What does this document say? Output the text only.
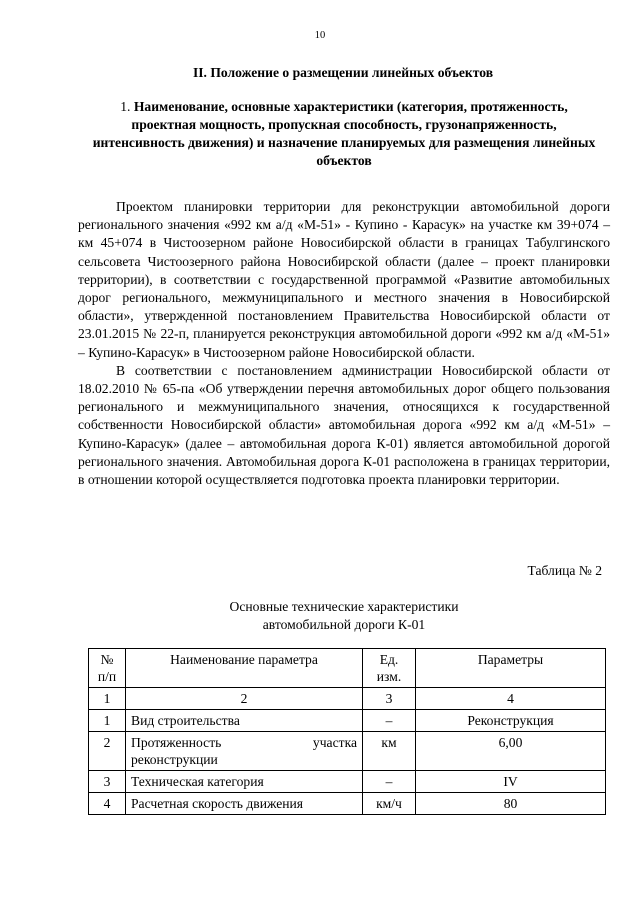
10
II. Положение о размещении линейных объектов
1. Наименование, основные характеристики (категория, протяженность, проектная мощность, пропускная способность, грузонапряженность, интенсивность движения) и назначение планируемых для размещения линейных объектов

Проектом планировки территории для реконструкции автомобильной дороги регионального значения «992 км а/д «М-51» - Купино - Карасук» на участке км 39+074 – км 45+074 в Чистоозерном районе Новосибирской области в границах Табулгинского сельсовета Чистоозерного района Новосибирской области (далее – проект планировки территории), в соответствии с государственной программой «Развитие автомобильных дорог регионального, межмуниципального и местного значения в Новосибирской области», утвержденной постановлением Правительства Новосибирской области от 23.01.2015 № 22-п, планируется реконструкция автомобильной дороги «992 км а/д «М-51» – Купино-Карасук» в Чистоозерном районе Новосибирской области.

В соответствии с постановлением администрации Новосибирской области от 18.02.2010 № 65-па «Об утверждении перечня автомобильных дорог общего пользования регионального и межмуниципального значения, относящихся к государственной собственности Новосибирской области» автомобильная дорога «992 км а/д «М-51» – Купино-Карасук» (далее – автомобильная дорога К-01) является автомобильной дорогой регионального значения. Автомобильная дорога К-01 расположена в границах территории, в отношении которой осуществляется подготовка проекта планировки территории.

Таблица № 2
Основные технические характеристики
автомобильной дороги К-01
№ п/п	Наименование параметра	Ед. изм.	Параметры
1	2	3	4
1	Вид строительства	–	Реконструкция
2	Протяженность участка
реконструкции	км	6,00
3	Техническая категория	–	IV
4	Расчетная скорость движения	км/ч	80
